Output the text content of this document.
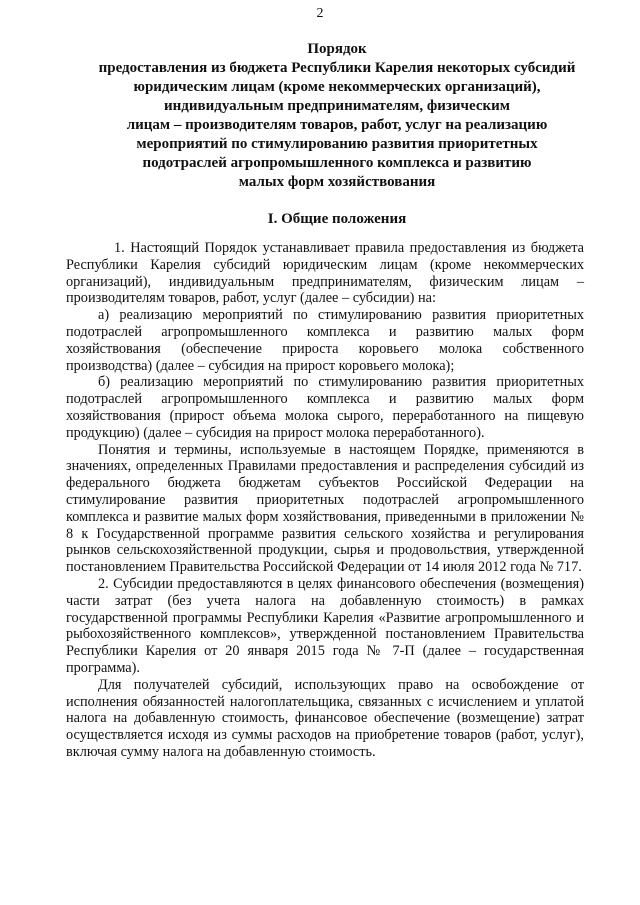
2
Порядок
предоставления из бюджета Республики Карелия некоторых субсидий
юридическим лицам (кроме некоммерческих организаций),
индивидуальным предпринимателям, физическим
лицам – производителям товаров, работ, услуг на реализацию
мероприятий по стимулированию развития приоритетных
подотраслей агропромышленного комплекса и развитию
малых форм хозяйствования
I. Общие положения

1. Настоящий Порядок устанавливает правила предоставления из бюджета Республики Карелия субсидий юридическим лицам (кроме некоммерческих организаций), индивидуальным предпринимателям, физическим лицам – производителям товаров, работ, услуг (далее – субсидии) на:

а) реализацию мероприятий по стимулированию развития приоритетных подотраслей агропромышленного комплекса и развитию малых форм хозяйствования (обеспечение прироста коровьего молока собственного производства) (далее – субсидия на прирост коровьего молока);

б) реализацию мероприятий по стимулированию развития приоритетных подотраслей агропромышленного комплекса и развитию малых форм хозяйствования (прирост объема молока сырого, переработанного на пищевую продукцию) (далее – субсидия на прирост молока переработанного).

Понятия и термины, используемые в настоящем Порядке, применяются в значениях, определенных Правилами предоставления и распределения субсидий из федерального бюджета бюджетам субъектов Российской Федерации на стимулирование развития приоритетных подотраслей агропромышленного комплекса и развитие малых форм хозяйствования, приведенными в приложении № 8 к Государственной программе развития сельского хозяйства и регулирования рынков сельскохозяйственной продукции, сырья и продовольствия, утвержденной постановлением Правительства Российской Федерации от 14 июля 2012 года № 717.

2. Субсидии предоставляются в целях финансового обеспечения (возмещения) части затрат (без учета налога на добавленную стоимость) в рамках государственной программы Республики Карелия «Развитие агропромышленного и рыбохозяйственного комплексов», утвержденной постановлением Правительства Республики Карелия от 20 января 2015 года № 7-П (далее – государственная программа).

Для получателей субсидий, использующих право на освобождение от исполнения обязанностей налогоплательщика, связанных с исчислением и уплатой налога на добавленную стоимость, финансовое обеспечение (возмещение) затрат осуществляется исходя из суммы расходов на приобретение товаров (работ, услуг), включая сумму налога на добавленную стоимость.
